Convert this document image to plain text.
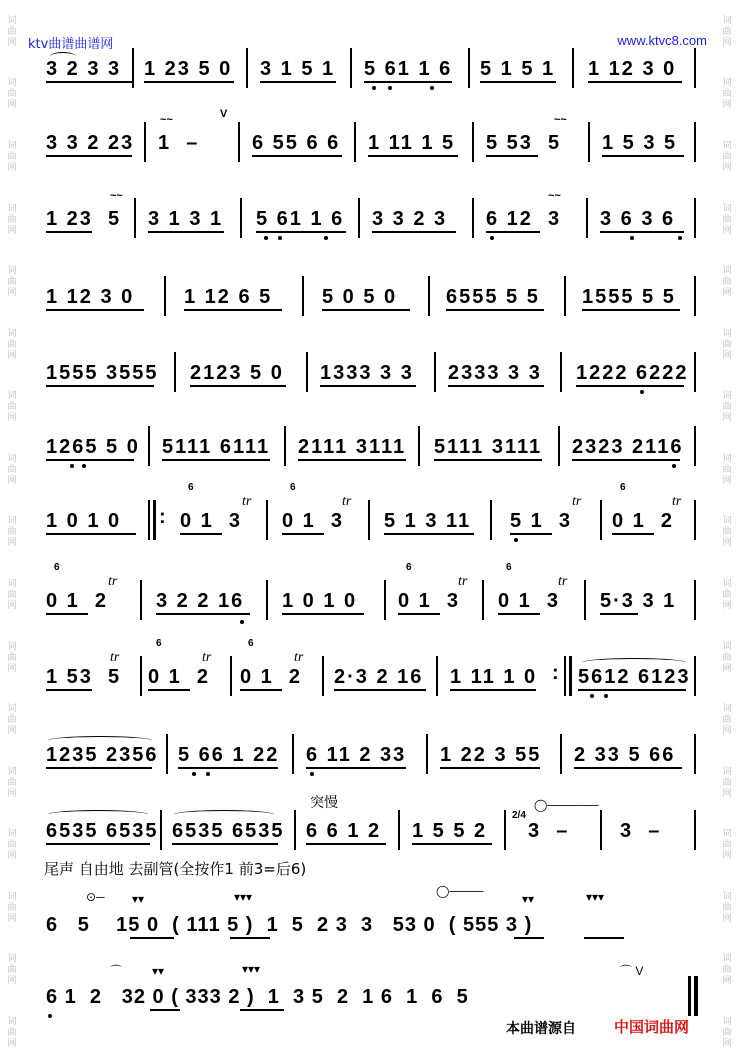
ktv曲谱曲谱网	www.ktvc8.com
词曲网
词曲网
词曲网
词曲网
词曲网
词曲网
词曲网
词曲网
词曲网
词曲网
词曲网
词曲网
词曲网
词曲网
词曲网
词曲网
词曲网
词曲网
词曲网
词曲网
词曲网
词曲网
词曲网
词曲网
词曲网
词曲网
词曲网
词曲网
词曲网
词曲网
词曲网
词曲网
词曲网
词曲网
3 2 3 3 1 23 5 0 3 1 5 1 5 61 1 6 5 1 5 1 1 12 3 0
3 3 2 23 1  –
~~	V
6 55 6 6 1 11 1 5 5 53  5
~~
1 5 3 5
1 23  5
~~
3 1 3 1 5 61 1 6 3 3 2 3 6 12  3
~~
3 6 3 6
1 12 3 0 1 12 6 5 5 0 5 0 6555 5 5 1555 5 5
1555 3555 2123 5 0 1333 3 3 2333 3 3 1222 6222
1265 5 0 5111 6111 2111 3111 5111 3111 2323 2116
1 0 1 0 : 0 1  3
6
tr
0 1  3
6
tr
5 1 3 11 5 1  3
tr
0 1  2
6
tr
0 1  2
6
tr
3 2 2 16 1 0 1 0 0 1  3
6
tr
0 1  3
6
tr
5·3 3 1
1 53  5
tr
0 1  2
6
tr
0 1  2
6
tr
2·3 2 16 1 11 1 0 : 5612 6123
1235 2356 5 66 1 22 6 11 2 33 1 22 3 55 2 33 5 66
6535 6535 6535 6535
突慢
6 6 1 2 1 5 5 2
2/4
◯──────
3  –	3  –
尾声 自由地 去副管(全按作1 前3=后6)
⊙─ ▾▾	▾▾▾	◯────
▾▾	▾▾▾
6   5    15 0  ( 111 5 )  1  5  2 3  3   53 0  ( 555 3 )
⌒ ▾▾	▾▾▾	⌒ V
6 1  2   32 0 ( 333 2 )  1  3 5  2  1 6  1  6  5
本曲谱源自	中国词曲网
